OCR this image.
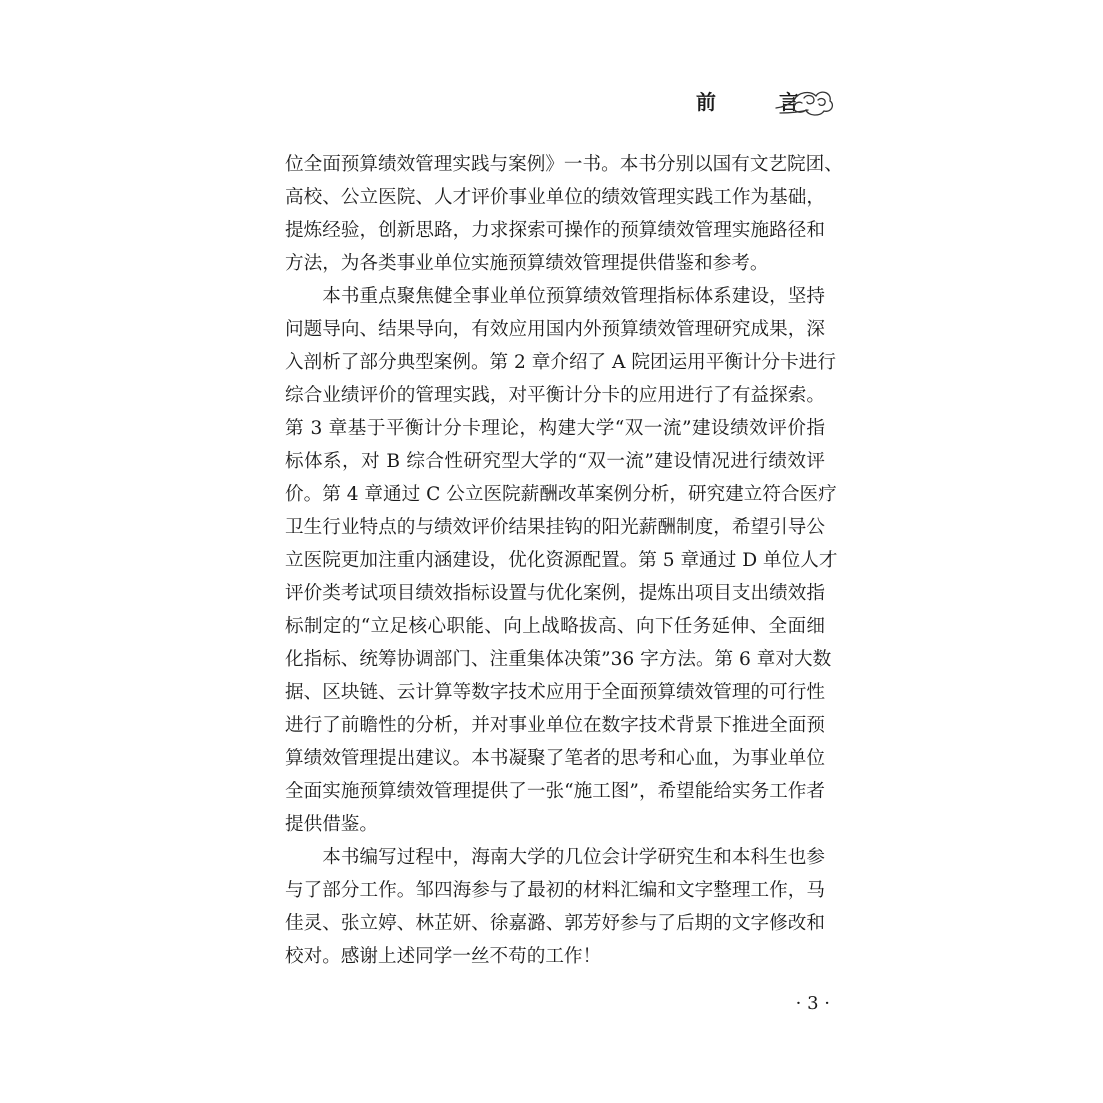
前 言
位全面预算绩效管理实践与案例》一书。本书分别以国有文艺院团、
高校、公立医院、人才评价事业单位的绩效管理实践工作为基础，
提炼经验，创新思路，力求探索可操作的预算绩效管理实施路径和
方法，为各类事业单位实施预算绩效管理提供借鉴和参考。
　　本书重点聚焦健全事业单位预算绩效管理指标体系建设，坚持
问题导向、结果导向，有效应用国内外预算绩效管理研究成果，深
入剖析了部分典型案例。第 2 章介绍了 A 院团运用平衡计分卡进行
综合业绩评价的管理实践，对平衡计分卡的应用进行了有益探索。
第 3 章基于平衡计分卡理论，构建大学“双一流”建设绩效评价指
标体系，对 B 综合性研究型大学的“双一流”建设情况进行绩效评
价。第 4 章通过 C 公立医院薪酬改革案例分析，研究建立符合医疗
卫生行业特点的与绩效评价结果挂钩的阳光薪酬制度，希望引导公
立医院更加注重内涵建设，优化资源配置。第 5 章通过 D 单位人才
评价类考试项目绩效指标设置与优化案例，提炼出项目支出绩效指
标制定的“立足核心职能、向上战略拔高、向下任务延伸、全面细
化指标、统筹协调部门、注重集体决策”36 字方法。第 6 章对大数
据、区块链、云计算等数字技术应用于全面预算绩效管理的可行性
进行了前瞻性的分析，并对事业单位在数字技术背景下推进全面预
算绩效管理提出建议。本书凝聚了笔者的思考和心血，为事业单位
全面实施预算绩效管理提供了一张“施工图”，希望能给实务工作者
提供借鉴。
　　本书编写过程中，海南大学的几位会计学研究生和本科生也参
与了部分工作。邹四海参与了最初的材料汇编和文字整理工作，马
佳灵、张立婷、林芷妍、徐嘉潞、郭芳妤参与了后期的文字修改和
校对。感谢上述同学一丝不苟的工作！
· 3 ·
